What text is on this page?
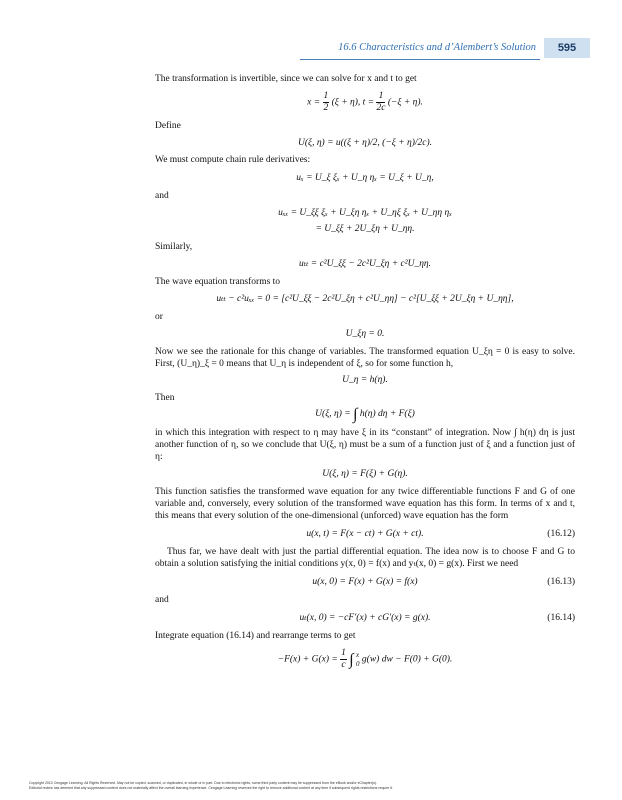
16.6 Characteristics and d’Alembert’s Solution	595

The transformation is invertible, since we can solve for x and t to get

$x = \frac{1}{2} (\xi + \eta)$, $t = \frac{1}{2c} (-\xi + \eta)$.

Define

U(ξ, η) = u((ξ + η)/2, (−ξ + η)/2c).

We must compute chain rule derivatives:

uₓ = U_ξ ξₓ + U_η ηₓ = U_ξ + U_η,

and

uₓₓ = U_ξξ ξₓ + U_ξη ηₓ + U_ηξ ξₓ + U_ηη ηₓ
= U_ξξ + 2U_ξη + U_ηη.

Similarly,

uₜₜ = c²U_ξξ − 2c²U_ξη + c²U_ηη.

The wave equation transforms to

uₜₜ − c²uₓₓ = 0 = [c²U_ξξ − 2c²U_ξη + c²U_ηη] − c²[U_ξξ + 2U_ξη + U_ηη],

or

U_ξη = 0.

Now we see the rationale for this change of variables. The transformed equation U_ξη = 0 is easy to solve. First, (U_η)_ξ = 0 means that U_η is independent of ξ, so for some function h,

U_η = h(η).

Then

U(ξ, η) = ∫ h(η) dη + F(ξ)

in which this integration with respect to η may have ξ in its “constant” of integration. Now ∫ h(η) dη is just another function of η, so we conclude that U(ξ, η) must be a sum of a function just of ξ and a function just of η:

U(ξ, η) = F(ξ) + G(η).

This function satisfies the transformed wave equation for any twice differentiable functions F and G of one variable and, conversely, every solution of the transformed wave equation has this form. In terms of x and t, this means that every solution of the one-dimensional (unforced) wave equation has the form

u(x, t) = F(x − ct) + G(x + ct).	(16.12)

Thus far, we have dealt with just the partial differential equation. The idea now is to choose F and G to obtain a solution satisfying the initial conditions y(x, 0) = f(x) and yₜ(x, 0) = g(x). First we need

u(x, 0) = F(x) + G(x) = f(x)	(16.13)

and

uₜ(x, 0) = −cF′(x) + cG′(x) = g(x).	(16.14)

Integrate equation (16.14) and rearrange terms to get

$-F(x) + G(x) = \frac{1}{c}$ ∫ x
0 g(w) dw − F(0) + G(0).
Copyright 2010 Cengage Learning. All Rights Reserved. May not be copied, scanned, or duplicated, in whole or in part. Due to electronic rights, some third party content may be suppressed from the eBook and/or eChapter(s).
Editorial review has deemed that any suppressed content does not materially affect the overall learning experience. Cengage Learning reserves the right to remove additional content at any time if subsequent rights restrictions require it.
